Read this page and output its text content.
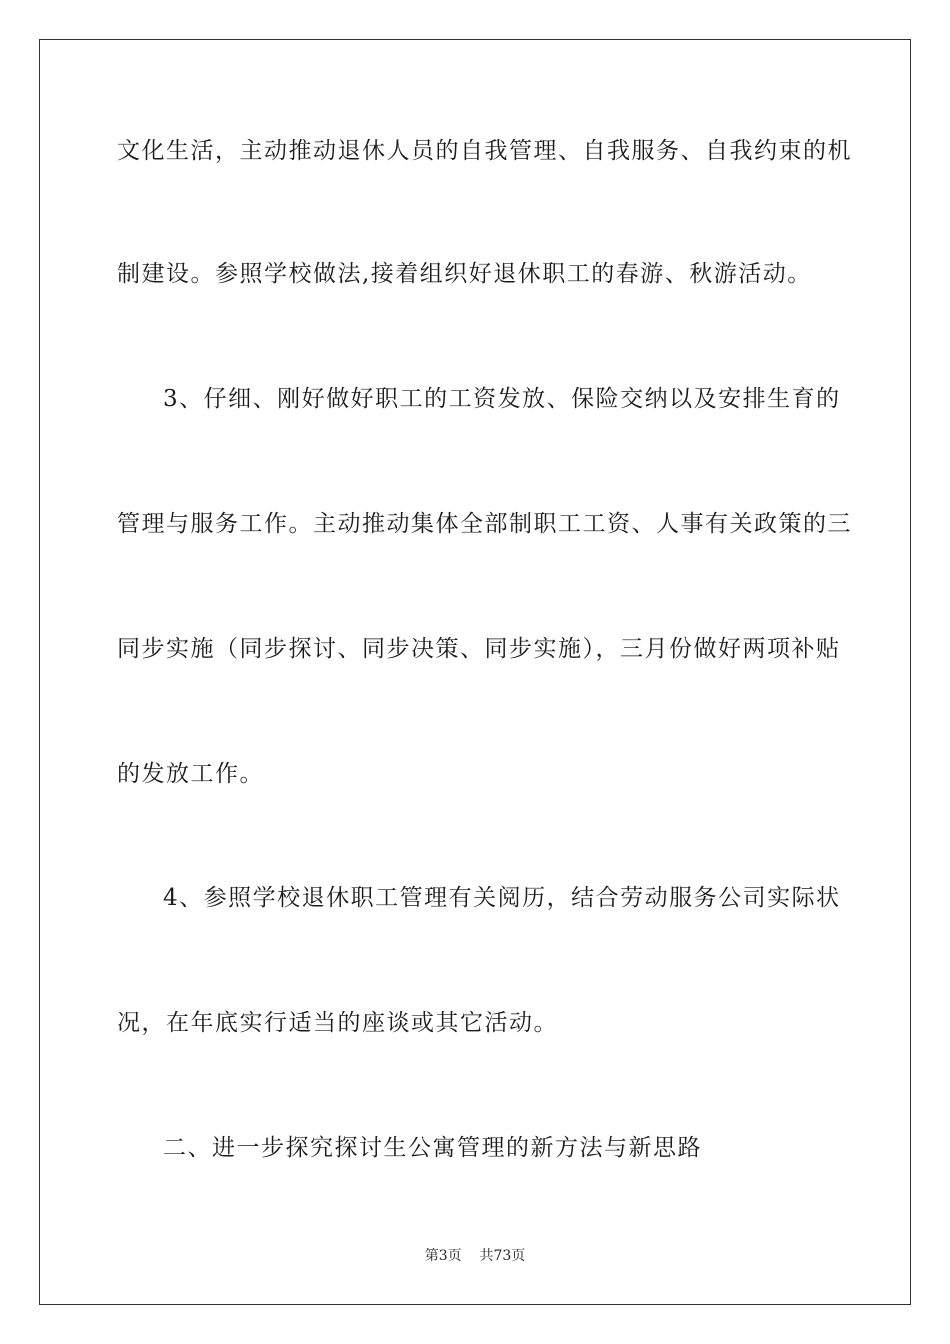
文化生活，主动推动退休人员的自我管理、自我服务、自我约束的机
制建设。参照学校做法,接着组织好退休职工的春游、秋游活动。
3、仔细、刚好做好职工的工资发放、保险交纳以及安排生育的
管理与服务工作。主动推动集体全部制职工工资、人事有关政策的三
同步实施（同步探讨、同步决策、同步实施），三月份做好两项补贴
的发放工作。
4、参照学校退休职工管理有关阅历，结合劳动服务公司实际状
况，在年底实行适当的座谈或其它活动。
二、进一步探究探讨生公寓管理的新方法与新思路
第3页 共73页
